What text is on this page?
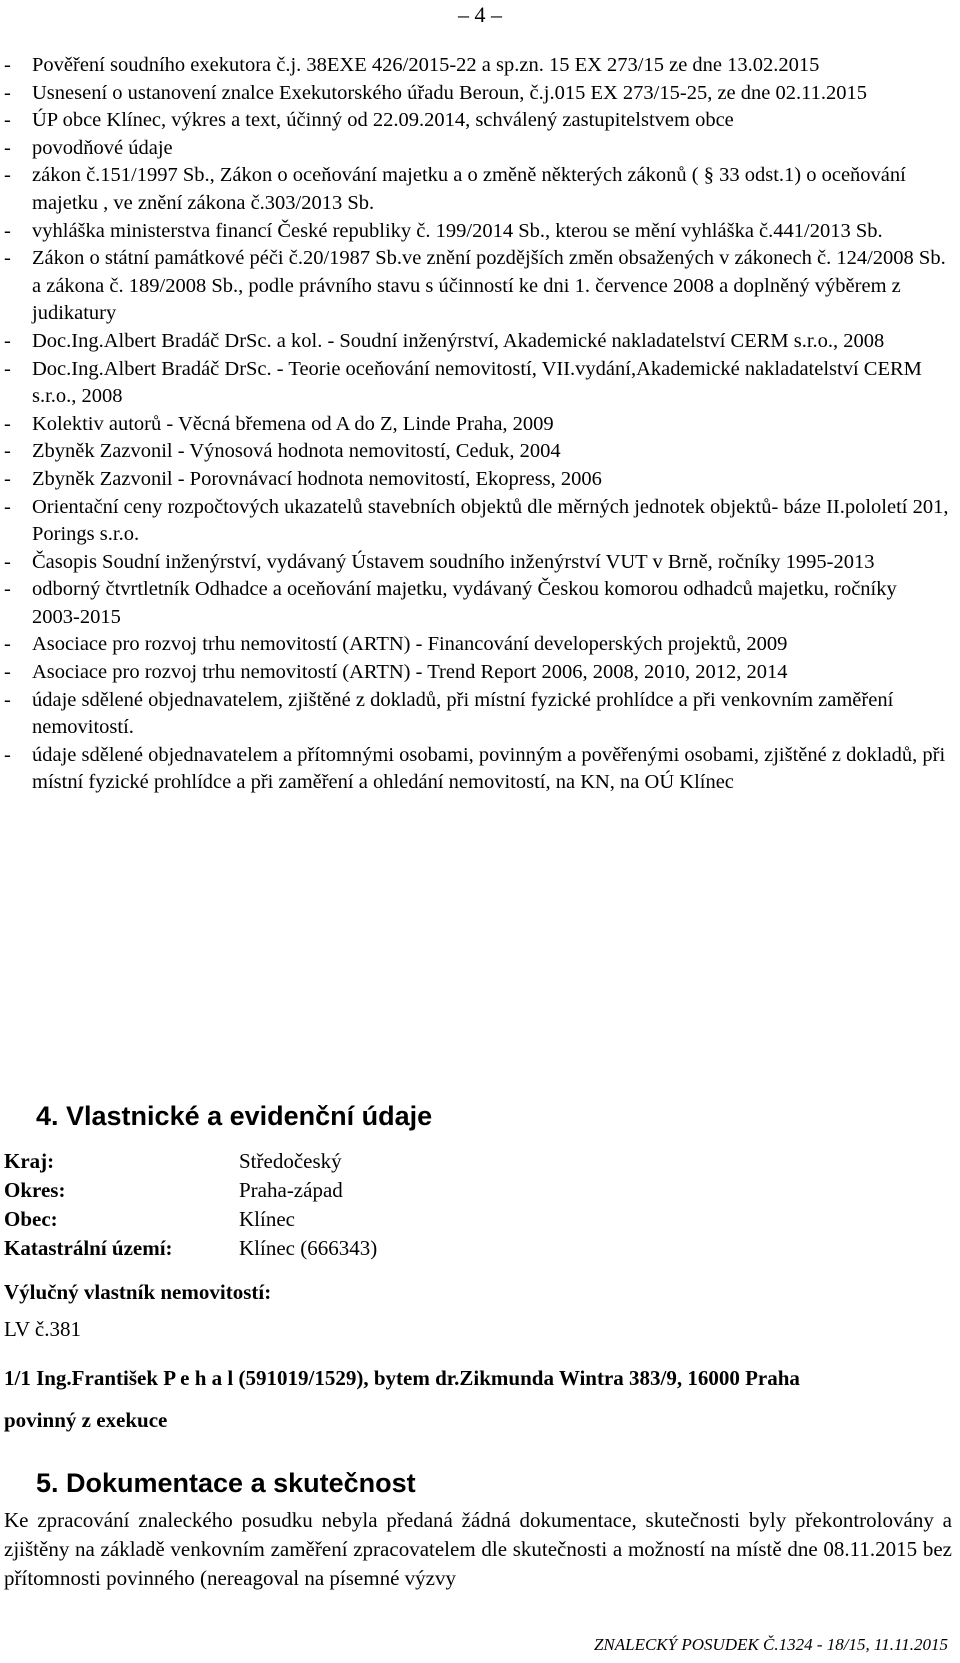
– 4 –
- Pověření soudního exekutora č.j. 38EXE 426/2015-22 a sp.zn. 15 EX 273/15 ze dne 13.02.2015
- Usnesení o ustanovení znalce Exekutorského úřadu Beroun, č.j.015 EX 273/15-25, ze dne 02.11.2015
- ÚP obce Klínec, výkres a text, účinný od 22.09.2014, schválený zastupitelstvem obce
- povodňové údaje
- zákon č.151/1997 Sb., Zákon o oceňování majetku a o změně některých zákonů ( § 33 odst.1) o oceňování majetku , ve znění zákona č.303/2013 Sb.
- vyhláška ministerstva financí České republiky č. 199/2014 Sb., kterou se mění vyhláška č.441/2013 Sb.
- Zákon o státní památkové péči č.20/1987 Sb.ve znění pozdějších změn obsažených v zákonech č. 124/2008 Sb. a zákona č. 189/2008 Sb., podle právního stavu s účinností ke dni 1. července 2008 a doplněný výběrem z judikatury
- Doc.Ing.Albert Bradáč DrSc. a kol. - Soudní inženýrství, Akademické nakladatelství CERM s.r.o., 2008
- Doc.Ing.Albert Bradáč DrSc. - Teorie oceňování nemovitostí, VII.vydání,Akademické nakladatelství CERM s.r.o., 2008
- Kolektiv autorů - Věcná břemena od A do Z, Linde Praha, 2009
- Zbyněk Zazvonil - Výnosová hodnota nemovitostí, Ceduk, 2004
- Zbyněk Zazvonil - Porovnávací hodnota nemovitostí, Ekopress, 2006
- Orientační ceny rozpočtových ukazatelů stavebních objektů dle měrných jednotek objektů- báze II.pololetí 201, Porings s.r.o.
- Časopis Soudní inženýrství, vydávaný Ústavem soudního inženýrství VUT v Brně, ročníky 1995-2013
- odborný čtvrtletník Odhadce a oceňování majetku, vydávaný Českou komorou odhadců majetku, ročníky 2003-2015
- Asociace pro rozvoj trhu nemovitostí (ARTN) - Financování developerských projektů, 2009
- Asociace pro rozvoj trhu nemovitostí (ARTN) - Trend Report 2006, 2008, 2010, 2012, 2014
- údaje sdělené objednavatelem, zjištěné z dokladů, při místní fyzické prohlídce a při venkovním zaměření nemovitostí.
- údaje sdělené objednavatelem a přítomnými osobami, povinným a pověřenými osobami, zjištěné z dokladů, při místní fyzické prohlídce a při zaměření a ohledání nemovitostí, na KN, na OÚ Klínec
4. Vlastnické a evidenční údaje
Kraj:	Středočeský
Okres:	Praha-západ
Obec:	Klínec
Katastrální území:	Klínec (666343)
Výlučný vlastník nemovitostí:
LV č.381
1/1 Ing.František P e h a l (591019/1529), bytem dr.Zikmunda Wintra 383/9, 16000 Praha
povinný z exekuce
5. Dokumentace a skutečnost
Ke zpracování znaleckého posudku nebyla předaná žádná dokumentace, skutečnosti byly překontrolovány a zjištěny na základě venkovním zaměření zpracovatelem dle skutečnosti a možností na místě dne 08.11.2015 bez přítomnosti povinného (nereagoval na písemné výzvy
ZNALECKÝ POSUDEK Č.1324 - 18/15, 11.11.2015
